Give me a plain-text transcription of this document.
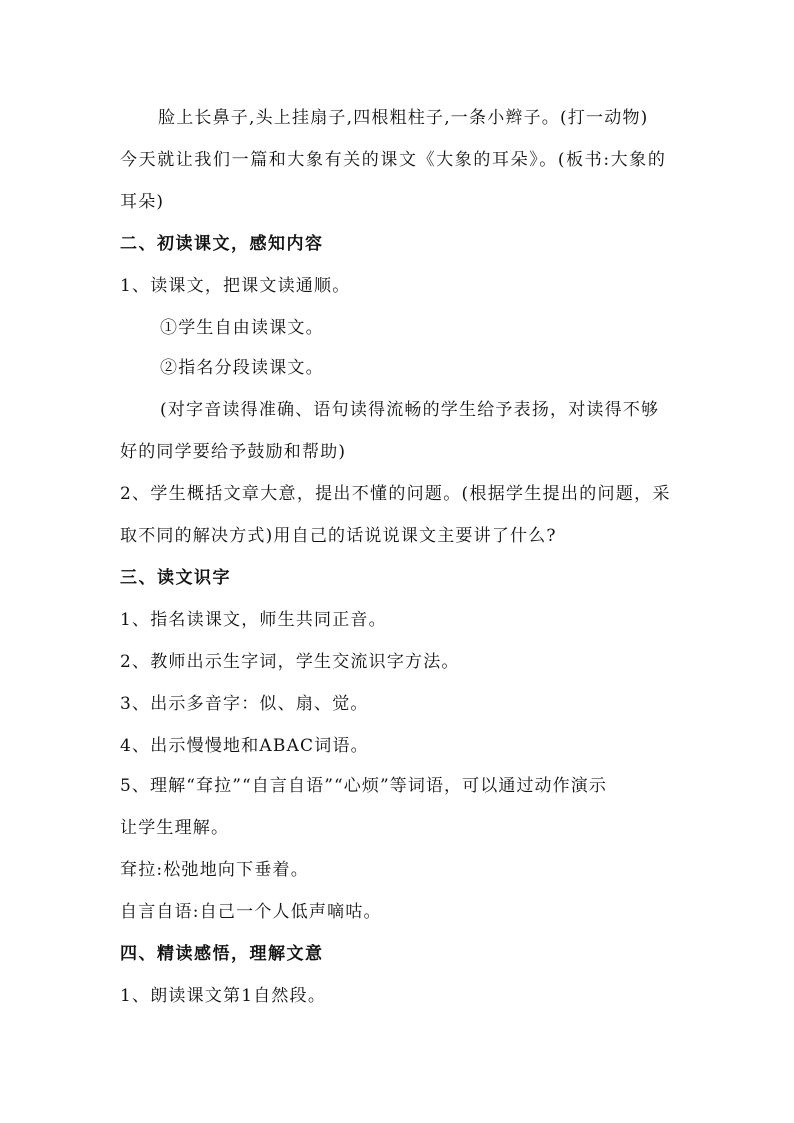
脸上长鼻子,头上挂扇子,四根粗柱子,一条小辫子。(打一动物)
今天就让我们一篇和大象有关的课文《大象的耳朵》。(板书:大象的
耳朵)
二、初读课文，感知内容
1、读课文，把课文读通顺。
①学生自由读课文。
②指名分段读课文。
(对字音读得准确、语句读得流畅的学生给予表扬，对读得不够
好的同学要给予鼓励和帮助)
2、学生概括文章大意，提出不懂的问题。(根据学生提出的问题，采
取不同的解决方式)用自己的话说说课文主要讲了什么?
三、读文识字
1、指名读课文，师生共同正音。
2、教师出示生字词，学生交流识字方法。
3、出示多音字：似、扇、觉。
4、出示慢慢地和ABAC词语。
5、理解“耷拉”“自言自语”“心烦”等词语，可以通过动作演示
让学生理解。
耷拉:松弛地向下垂着。
自言自语:自己一个人低声嘀咕。
四、精读感悟，理解文意
1、朗读课文第1自然段。
